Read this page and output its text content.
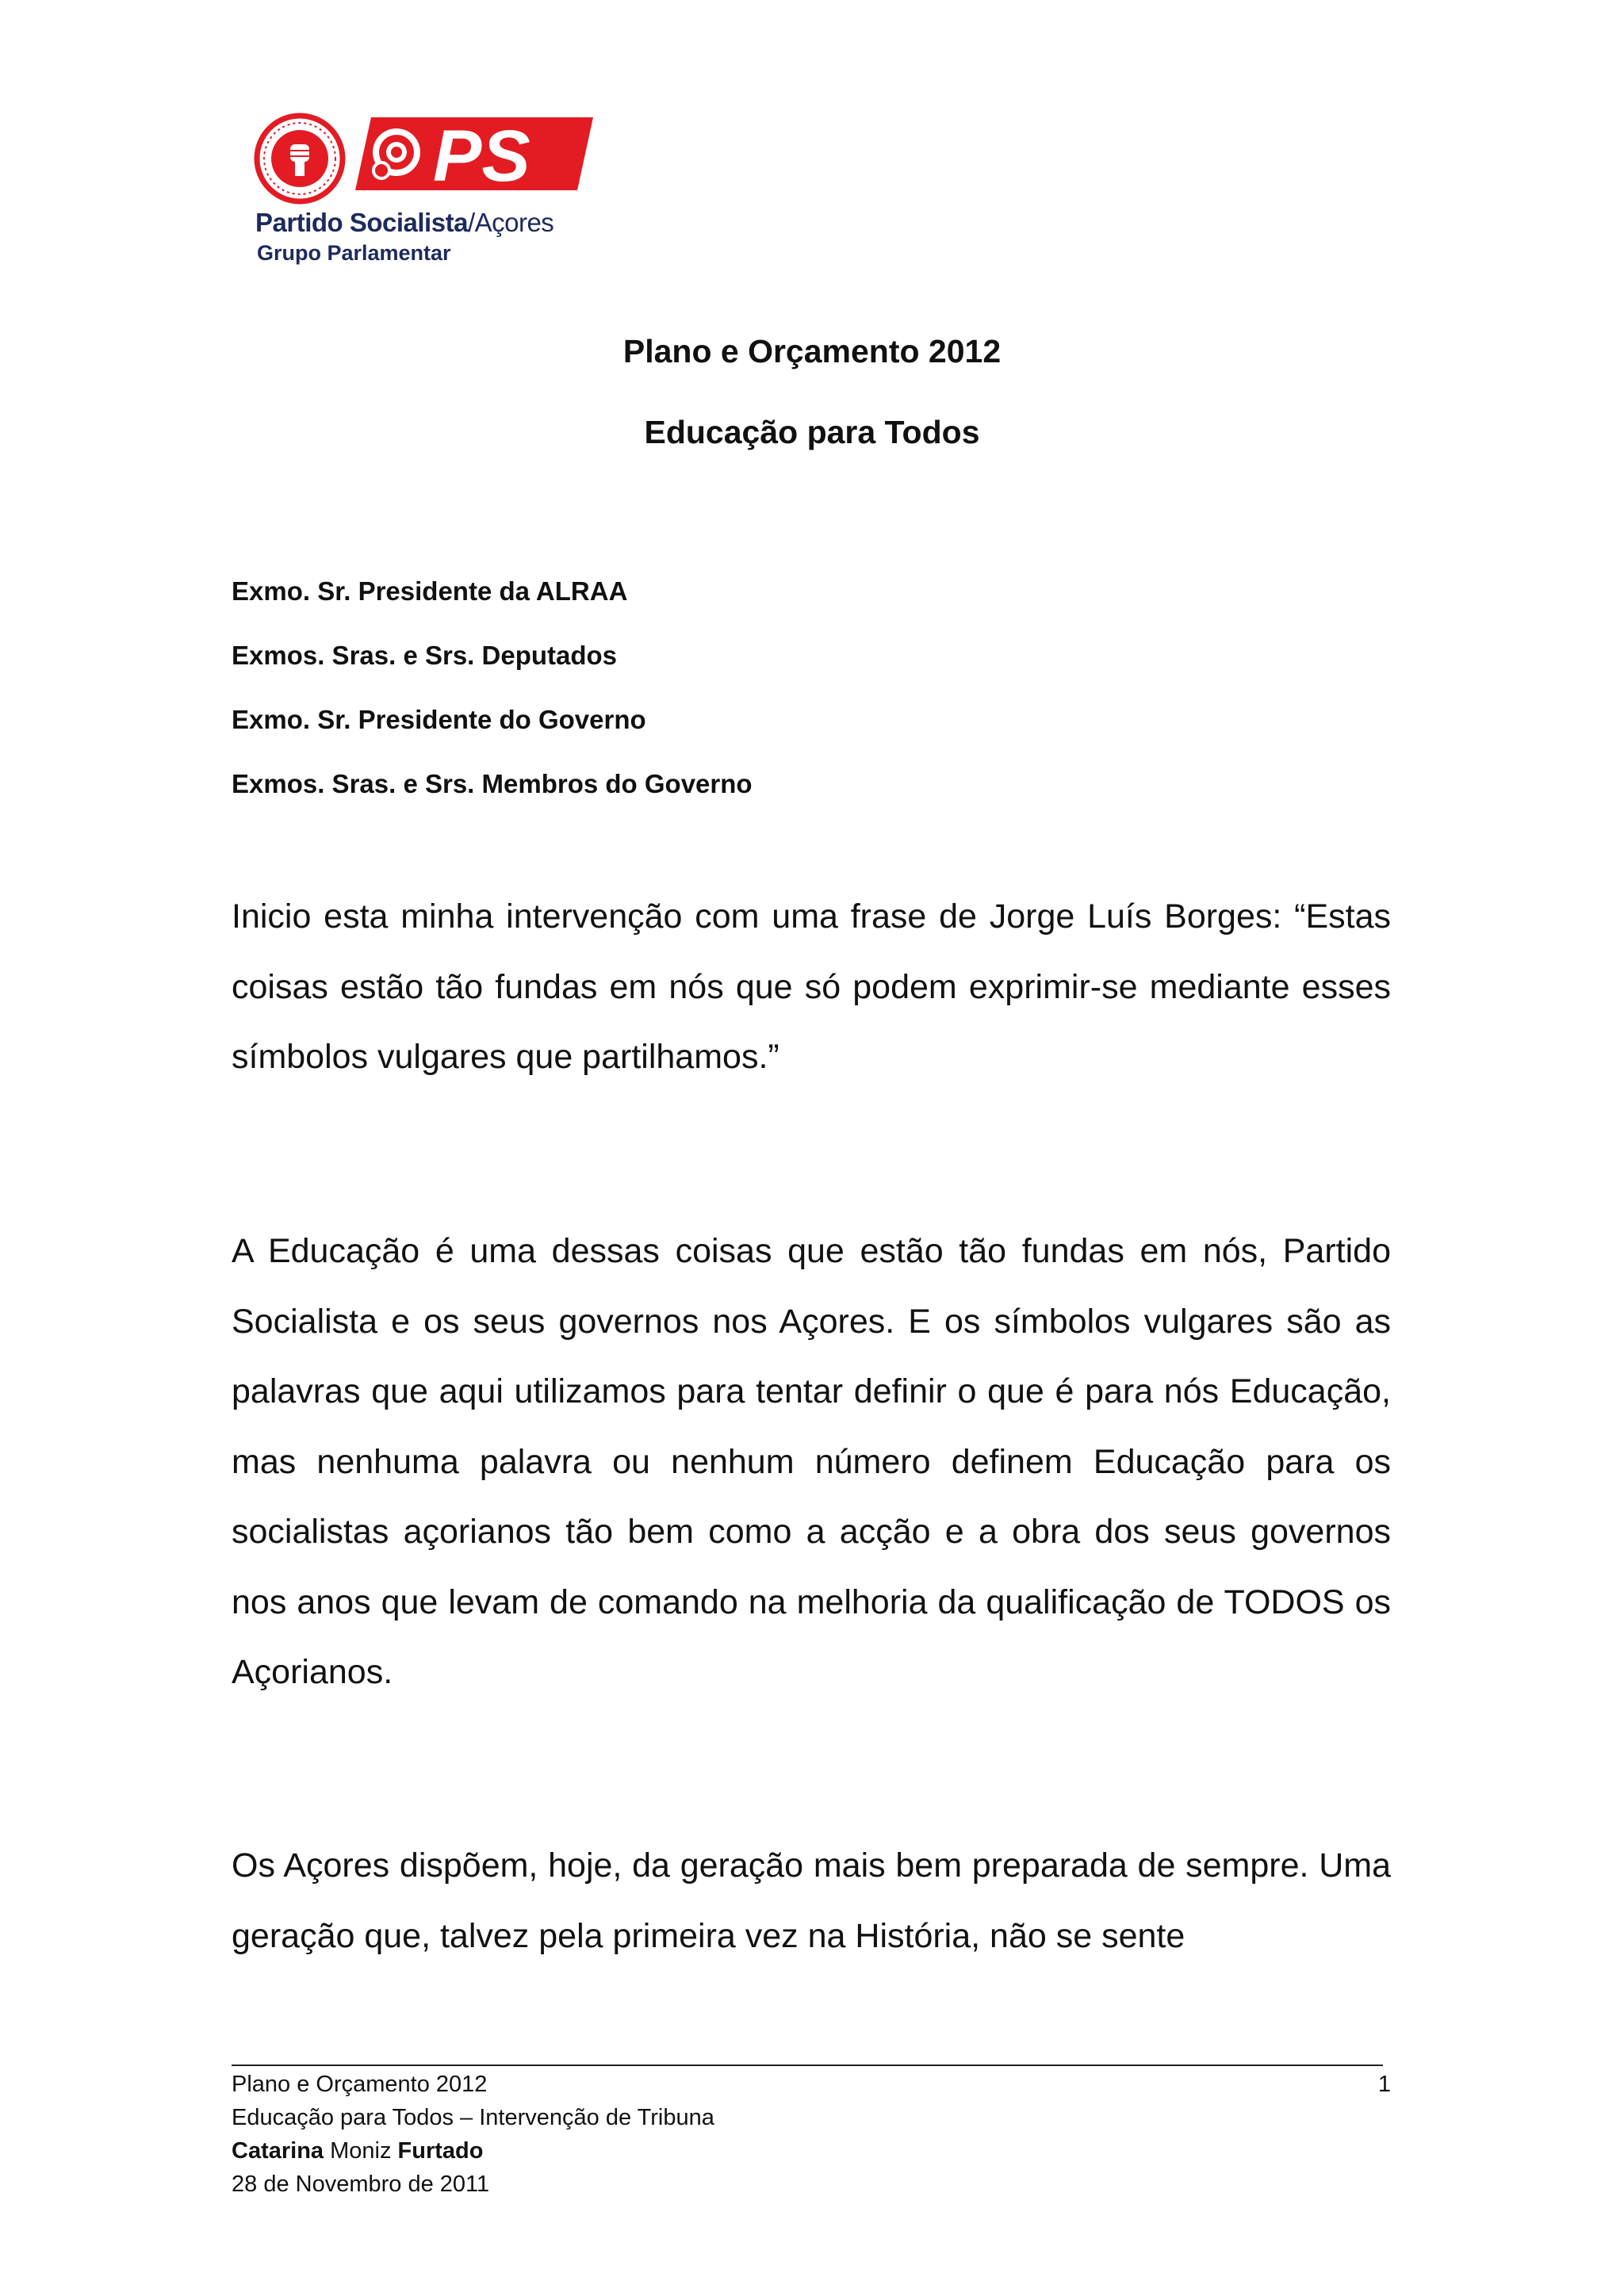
PS
Partido Socialista/Açores
Grupo Parlamentar
Plano e Orçamento 2012
Educação para Todos
Exmo. Sr. Presidente da ALRAA
Exmos. Sras. e Srs. Deputados
Exmo. Sr. Presidente do Governo
Exmos. Sras. e Srs. Membros do Governo

Inicio esta minha intervenção com uma frase de Jorge Luís Borges: “Estas coisas estão tão fundas em nós que só podem exprimir-se mediante esses símbolos vulgares que partilhamos.”

A Educação é uma dessas coisas que estão tão fundas em nós, Partido Socialista e os seus governos nos Açores. E os símbolos vulgares são as palavras que aqui utilizamos para tentar definir o que é para nós Educação, mas nenhuma palavra ou nenhum número definem Educação para os socialistas açorianos tão bem como a acção e a obra dos seus governos nos anos que levam de comando na melhoria da qualificação de TODOS os Açorianos.

Os Açores dispõem, hoje, da geração mais bem preparada de sempre. Uma geração que, talvez pela primeira vez na História, não se sente

Plano e Orçamento 2012
Educação para Todos – Intervenção de Tribuna
Catarina Moniz Furtado
28 de Novembro de 2011
1
